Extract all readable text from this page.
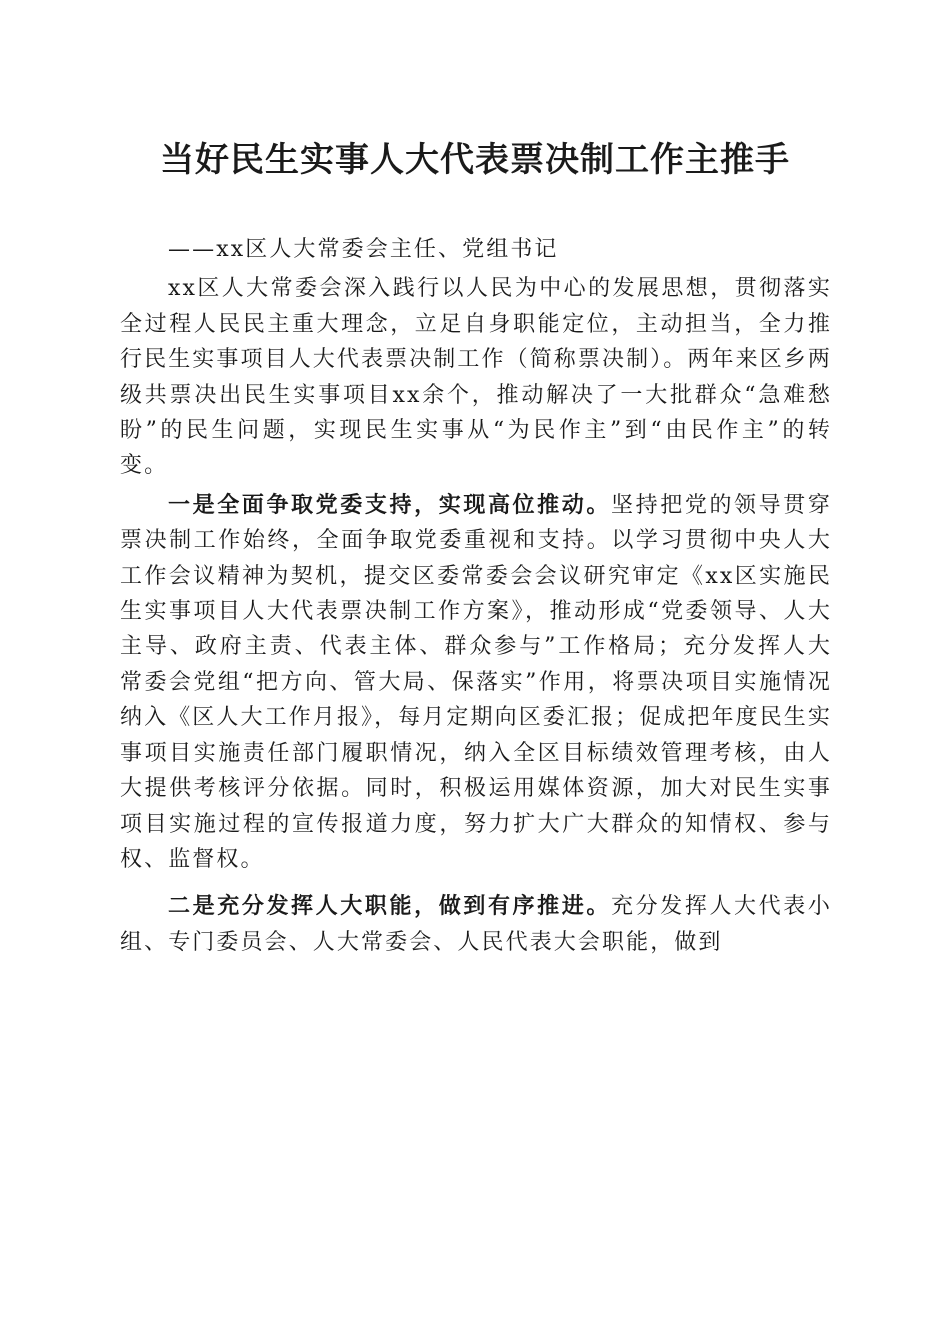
当好民生实事人大代表票决制工作主推手

——xx区人大常委会主任、党组书记

xx区人大常委会深入践行以人民为中心的发展思想，贯彻落实全过程人民民主重大理念，立足自身职能定位，主动担当，全力推行民生实事项目人大代表票决制工作（简称票决制）。两年来区乡两级共票决出民生实事项目xx余个，推动解决了一大批群众“急难愁盼”的民生问题，实现民生实事从“为民作主”到“由民作主”的转变。

一是全面争取党委支持，实现高位推动。坚持把党的领导贯穿票决制工作始终，全面争取党委重视和支持。以学习贯彻中央人大工作会议精神为契机，提交区委常委会会议研究审定《xx区实施民生实事项目人大代表票决制工作方案》，推动形成“党委领导、人大主导、政府主责、代表主体、群众参与”工作格局；充分发挥人大常委会党组“把方向、管大局、保落实”作用，将票决项目实施情况纳入《区人大工作月报》，每月定期向区委汇报；促成把年度民生实事项目实施责任部门履职情况，纳入全区目标绩效管理考核，由人大提供考核评分依据。同时，积极运用媒体资源，加大对民生实事项目实施过程的宣传报道力度，努力扩大广大群众的知情权、参与权、监督权。

二是充分发挥人大职能，做到有序推进。充分发挥人大代表小组、专门委员会、人大常委会、人民代表大会职能，做到
